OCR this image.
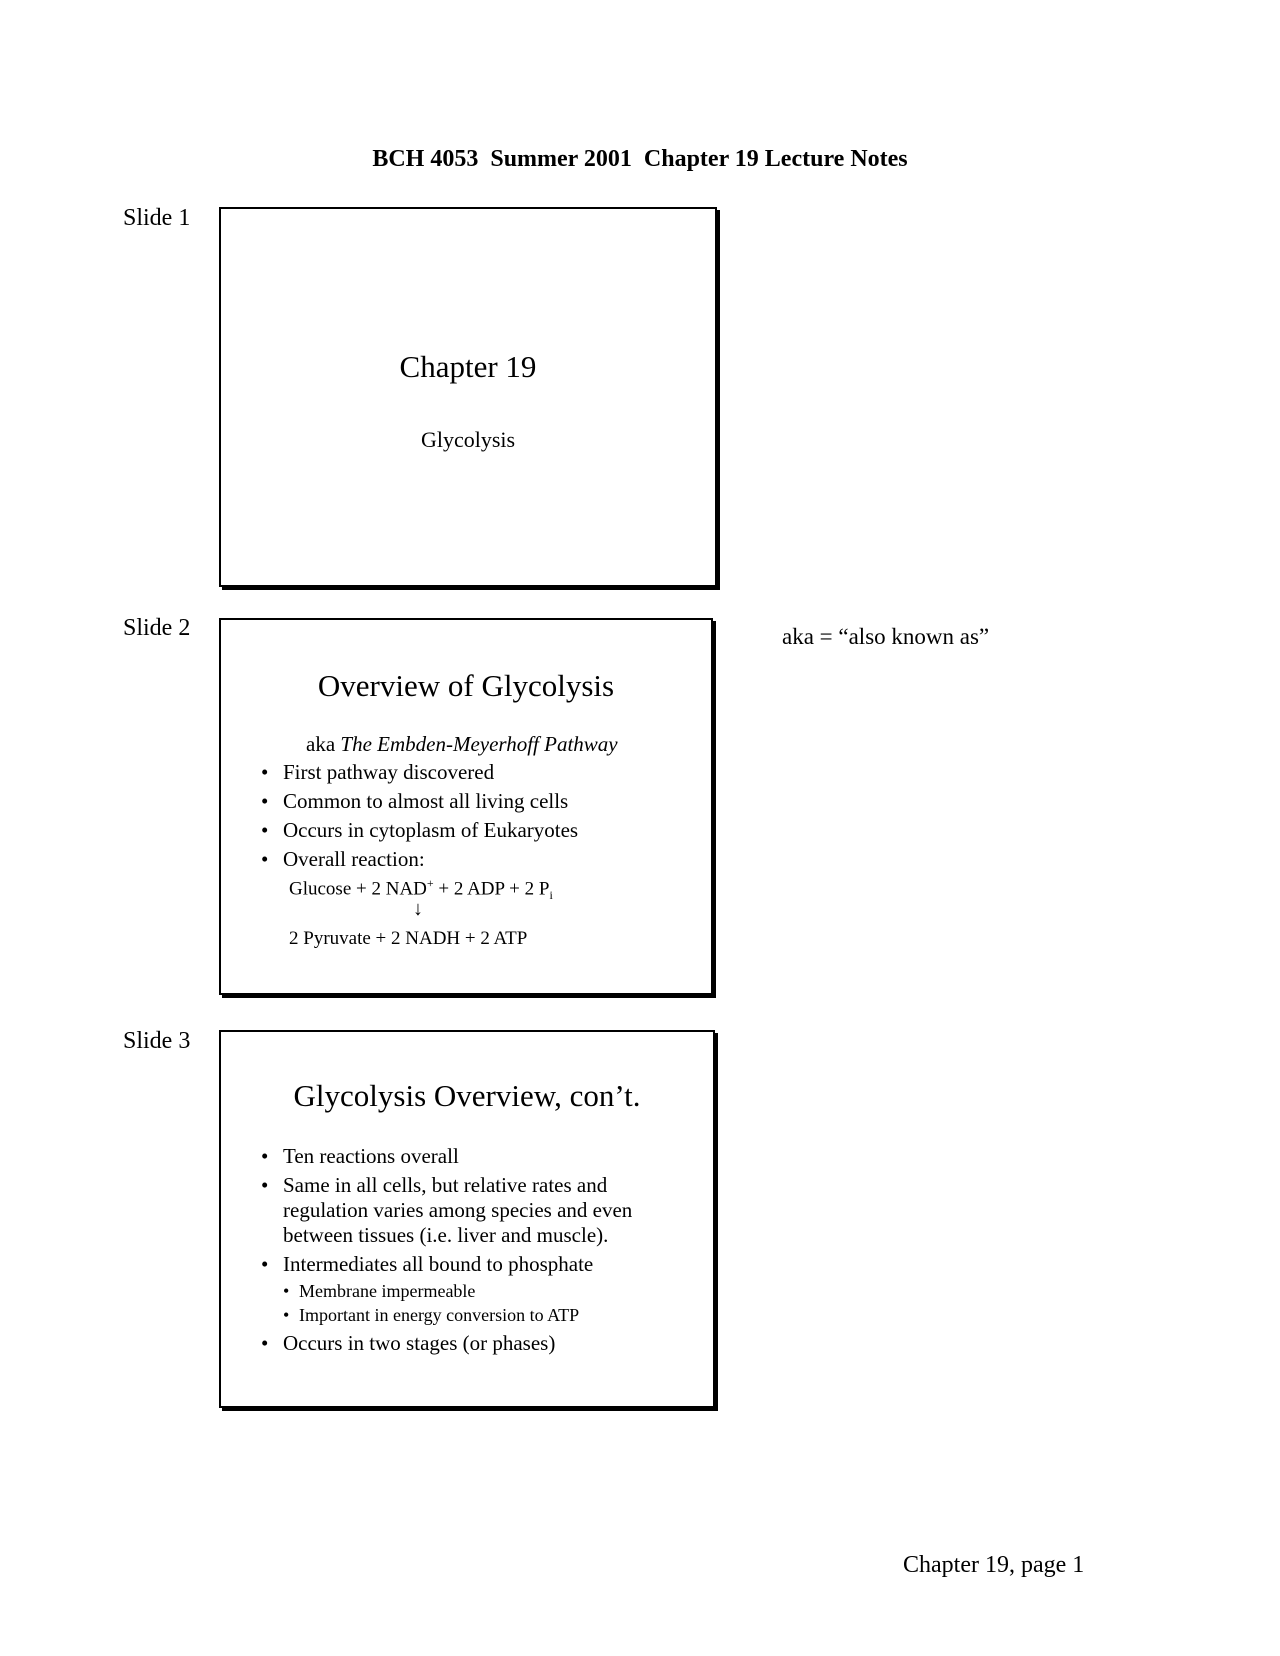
BCH 4053  Summer 2001  Chapter 19 Lecture Notes
Slide 1
Chapter 19
Glycolysis
Slide 2
Overview of Glycolysis
aka The Embden-Meyerhoff Pathway
• First pathway discovered
• Common to almost all living cells
• Occurs in cytoplasm of Eukaryotes
• Overall reaction:
Glucose + 2 NAD+ + 2 ADP + 2 $P_i$
↓
2 Pyruvate + 2 NADH + 2 ATP
Slide 3
Glycolysis Overview, con’t.
• Ten reactions overall
• Same in all cells, but relative rates and regulation varies among species and even between tissues (i.e. liver and muscle).
• Intermediates all bound to phosphate
• Membrane impermeable
• Important in energy conversion to ATP
• Occurs in two stages (or phases)
aka = “also known as”
Chapter 19, page 1
